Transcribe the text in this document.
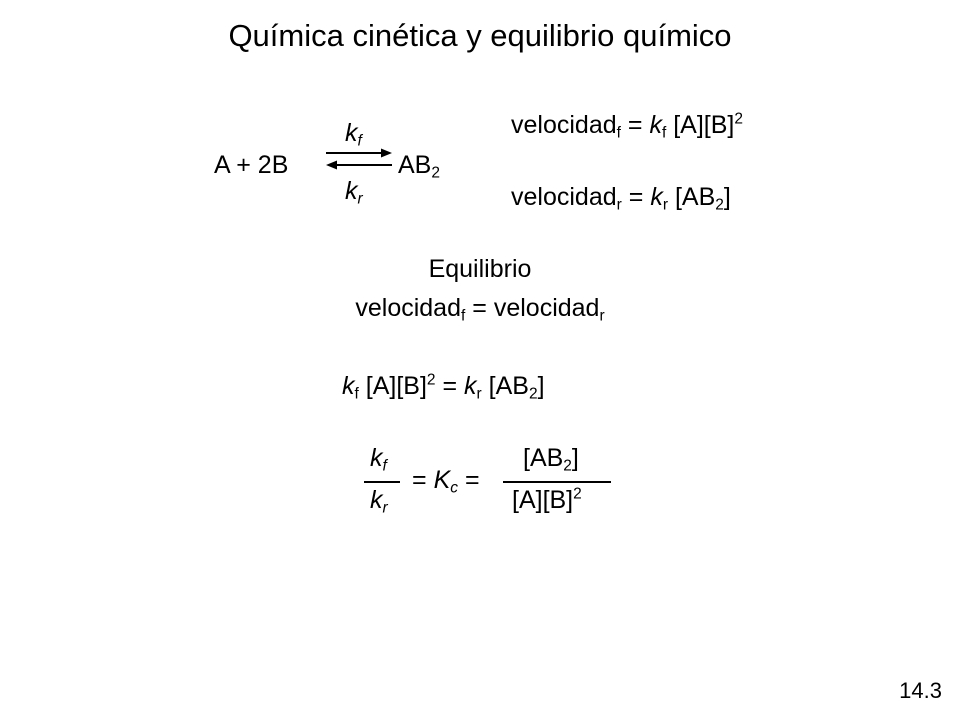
Química cinética y equilibrio químico
A + 2B
$k_f$
$k_r$
$AB_2$
velocidad$_f$ = $k_f$ $[A][B]^2$
velocidad$_r$ = $k_r$ $[AB_2]$
Equilibrio
velocidad$_f$ = velocidad$_r$
$k_f$ $[A][B]^2 = k_r$ $[AB_2]$
$k_f$
$k_r$
= $K_c$ =
$[AB_2]$
$[A][B]^2$
14.3
